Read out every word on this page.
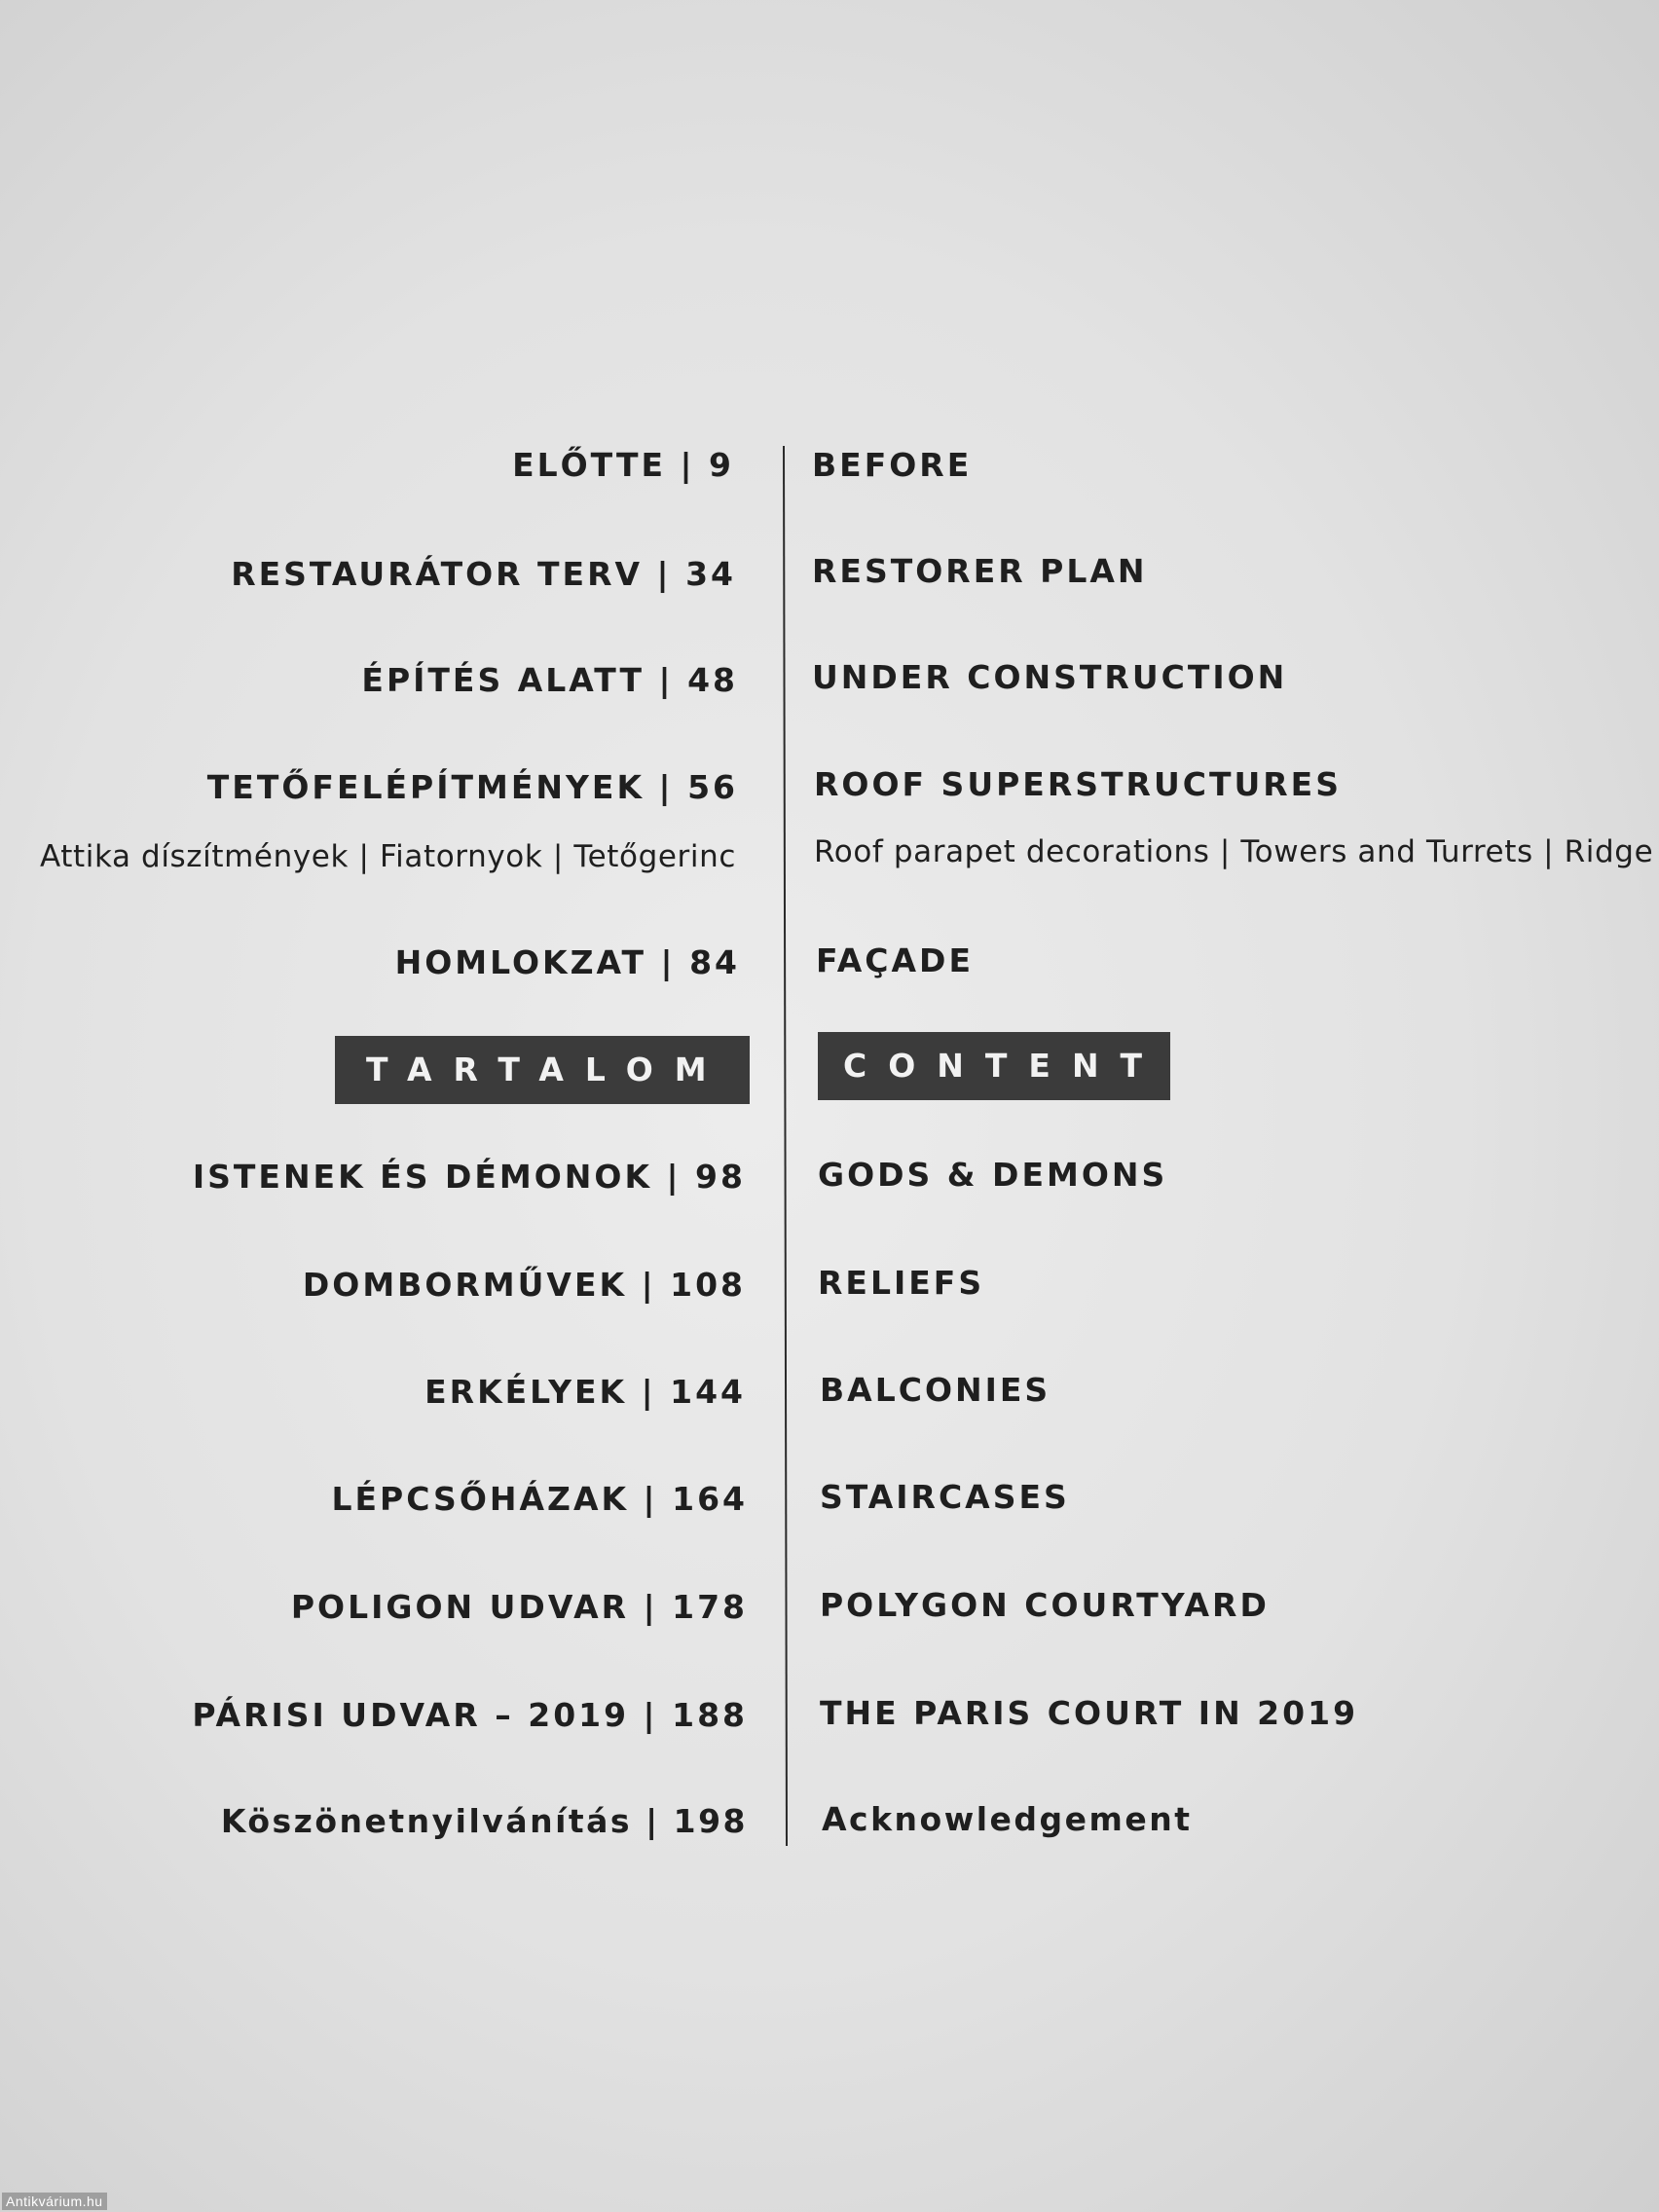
ELŐTTE | 9
RESTAURÁTOR TERV | 34
ÉPÍTÉS ALATT | 48
TETŐFELÉPÍTMÉNYEK | 56
Attika díszítmények | Fiatornyok | Tetőgerinc
HOMLOKZAT | 84
TARTALOM
ISTENEK ÉS DÉMONOK | 98
DOMBORMŰVEK | 108
ERKÉLYEK | 144
LÉPCSŐHÁZAK | 164
POLIGON UDVAR | 178
PÁRISI UDVAR – 2019 | 188
Köszönetnyilvánítás | 198
BEFORE
RESTORER PLAN
UNDER CONSTRUCTION
ROOF SUPERSTRUCTURES
Roof parapet decorations | Towers and Turrets | Ridge
FAÇADE
CONTENT
GODS & DEMONS
RELIEFS
BALCONIES
STAIRCASES
POLYGON COURTYARD
THE PARIS COURT IN 2019
Acknowledgement
Antikvárium.hu
